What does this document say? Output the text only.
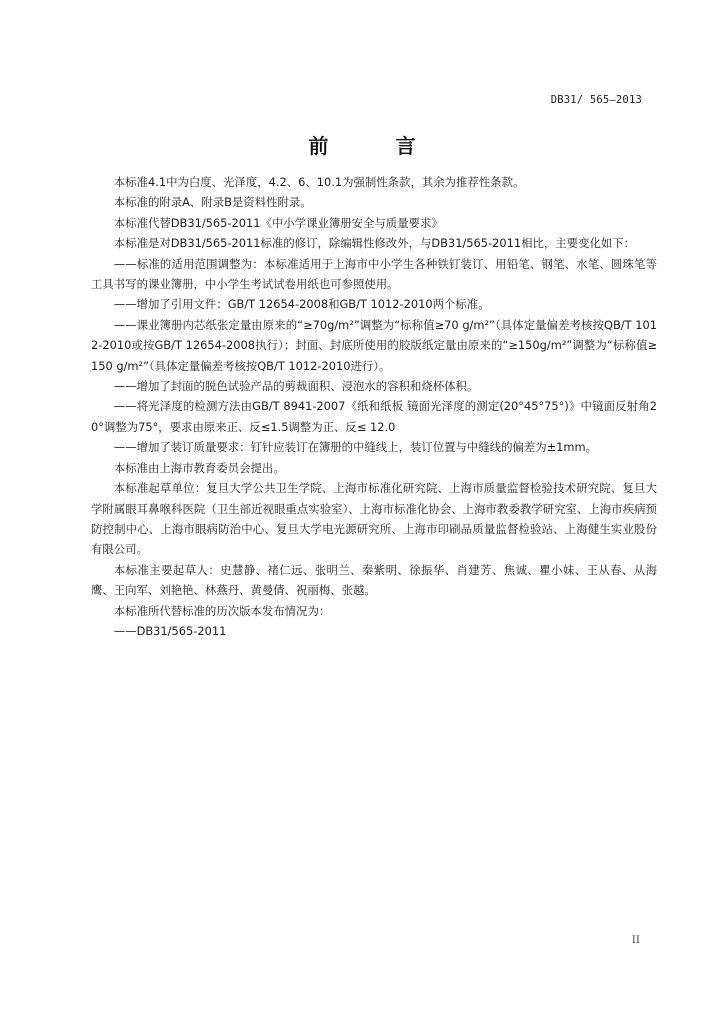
DB31/ 565—2013
前 言

本标准4.1中为白度、光泽度，4.2、6、10.1为强制性条款，其余为推荐性条款。

本标准的附录A、附录B是资料性附录。

本标准代替DB31/565-2011《中小学课业簿册安全与质量要求》

本标准是对DB31/565-2011标准的修订，除编辑性修改外，与DB31/565-2011相比，主要变化如下：

——标准的适用范围调整为：本标准适用于上海市中小学生各种铁钉装订、用铅笔、钢笔、水笔、圆珠笔等工具书写的课业簿册，中小学生考试试卷用纸也可参照使用。

——增加了引用文件：GB/T 12654-2008和GB/T 1012-2010两个标准。

——课业簿册内芯纸张定量由原来的“≥70g/m²”调整为“标称值≥70 g/m²”（具体定量偏差考核按QB/T 1012-2010或按GB/T 12654-2008执行）；封面、封底所使用的胶版纸定量由原来的“≥150g/m²”调整为“标称值≥150 g/m²”（具体定量偏差考核按QB/T 1012-2010进行）。

——增加了封面的脱色试验产品的剪裁面积、浸泡水的容积和烧杯体积。

——将光泽度的检测方法由GB/T 8941-2007《纸和纸板 镜面光泽度的测定(20°45°75°)》中镜面反射角20°调整为75°，要求由原来正、反≤1.5调整为正、反≤ 12.0

——增加了装订质量要求：钉针应装订在簿册的中缝线上，装订位置与中缝线的偏差为±1mm。

本标准由上海市教育委员会提出。

本标准起草单位：复旦大学公共卫生学院、上海市标准化研究院、上海市质量监督检验技术研究院、复旦大学附属眼耳鼻喉科医院（卫生部近视眼重点实验室）、上海市标准化协会、上海市教委教学研究室、上海市疾病预防控制中心、上海市眼病防治中心、复旦大学电光源研究所、上海市印刷品质量监督检验站、上海健生实业股份有限公司。

本标准主要起草人：史慧静、褚仁远、张明兰、秦紫明、徐振华、肖建芳、焦诚、瞿小妹、王从春、从海鹰、王向军、刘艳艳、林燕丹、黄曼倩、祝丽梅、张越。

本标准所代替标准的历次版本发布情况为：

——DB31/565-2011

II
